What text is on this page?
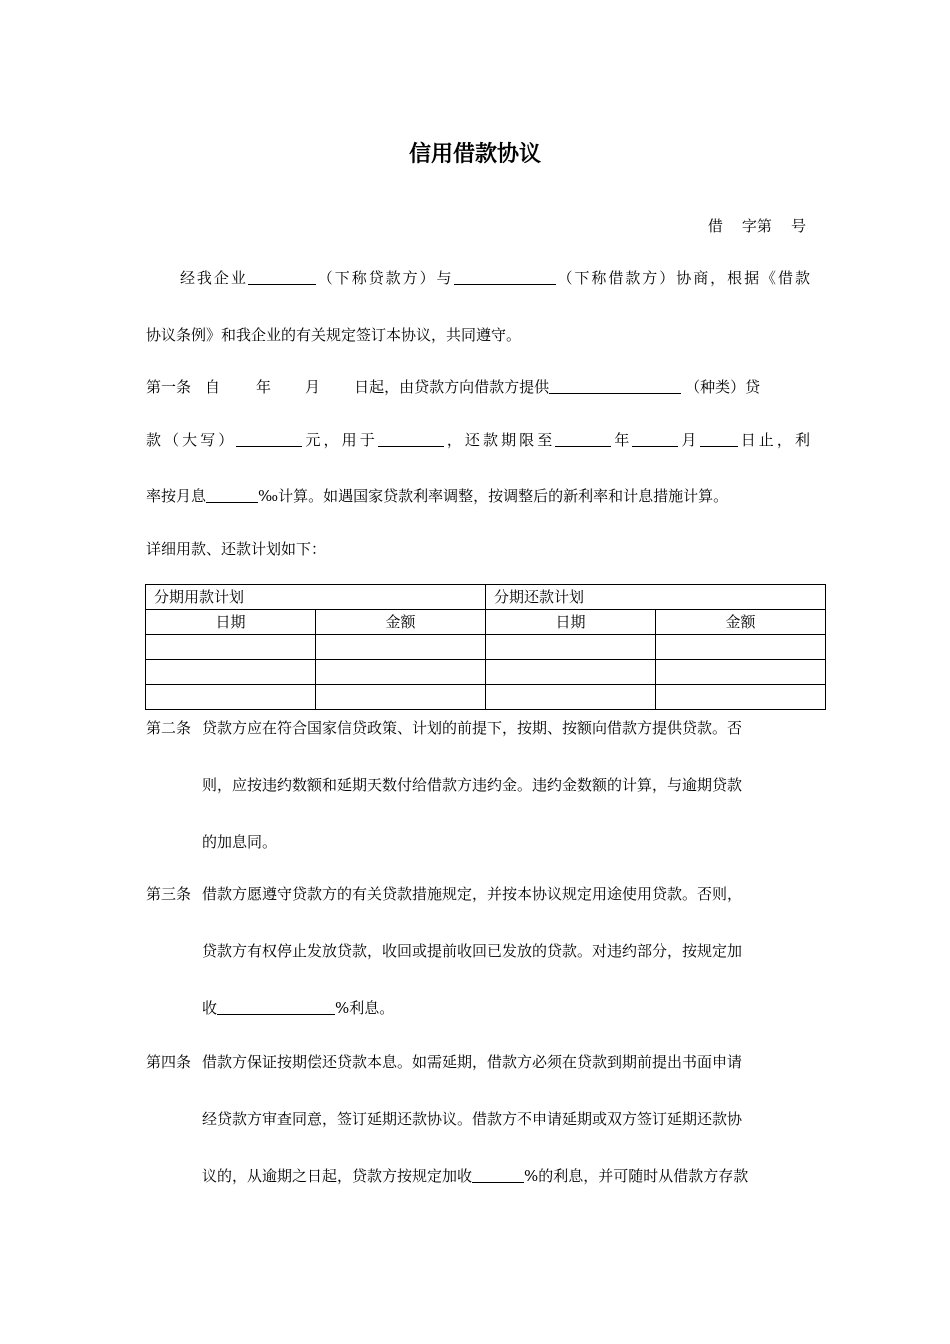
信用借款协议
借    字第    号
经我企业	（下称贷款方）与	（下称借款方）协商，根据《借款
协议条例》和我企业的有关规定签订本协议，共同遵守。
第一条 自 年 月 日起，由贷款方向借款方提供	（种类）贷
款（大写）	元，用于	，还款期限至	年	月	日止，利
率按月息	‰计算。如遇国家贷款利率调整，按调整后的新利率和计息措施计算。
详细用款、还款计划如下：
分期用款计划		分期还款计划	
日期	金额	日期	金额

第二条 贷款方应在符合国家信贷政策、计划的前提下，按期、按额向借款方提供贷款。否
则，应按违约数额和延期天数付给借款方违约金。违约金数额的计算，与逾期贷款
的加息同。
第三条 借款方愿遵守贷款方的有关贷款措施规定，并按本协议规定用途使用贷款。否则，
贷款方有权停止发放贷款，收回或提前收回已发放的贷款。对违约部分，按规定加
收	%利息。
第四条 借款方保证按期偿还贷款本息。如需延期，借款方必须在贷款到期前提出书面申请
经贷款方审查同意，签订延期还款协议。借款方不申请延期或双方签订延期还款协
议的，从逾期之日起，贷款方按规定加收	%的利息，并可随时从借款方存款
